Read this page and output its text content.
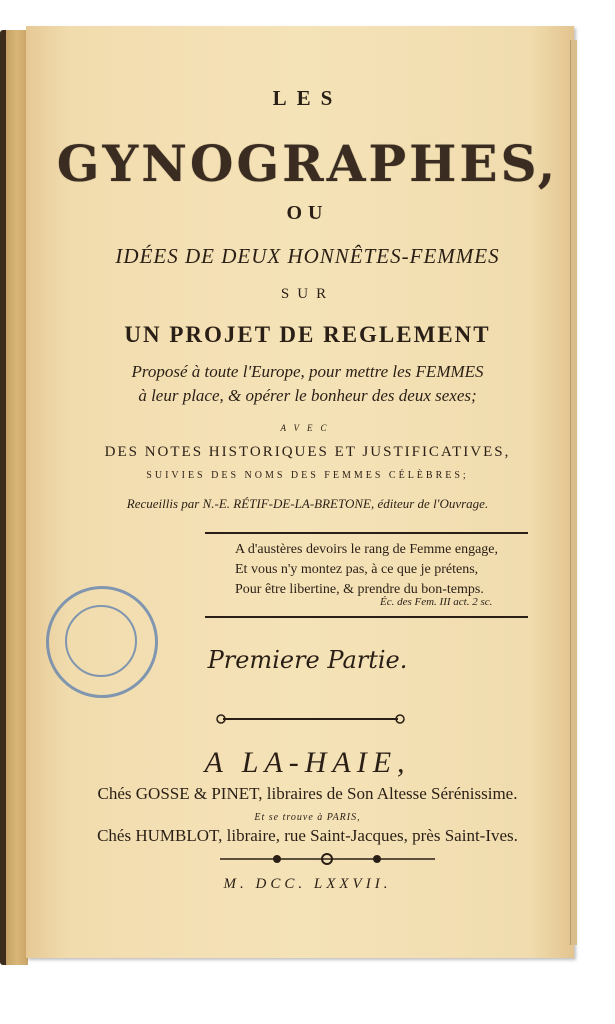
LES
GYNOGRAPHES,
OU
IDÉES DE DEUX HONNÊTES-FEMMES
SUR
UN PROJET DE REGLEMENT
Proposé à toute l'Europe, pour mettre les FEMMES
à leur place, & opérer le bonheur des deux sexes;
AVEC
DES NOTES HISTORIQUES ET JUSTIFICATIVES,
SUIVIES DES NOMS DES FEMMES CÉLÈBRES;
Recueillis par N.-E. RÉTIF-DE-LA-BRETONE, éditeur de l'Ouvrage.
A d'austères devoirs le rang de Femme engage,
Et vous n'y montez pas, à ce que je prétens,
Pour être libertine, & prendre du bon-temps.
Éc. des Fem. III act. 2 sc.
Premiere Partie.
A LA-HAIE,
Chés GOSSE & PINET, libraires de Son Altesse Sérénissime.
Et se trouve à PARIS,
Chés HUMBLOT, libraire, rue Saint-Jacques, près Saint-Ives.
M. DCC. LXXVII.
